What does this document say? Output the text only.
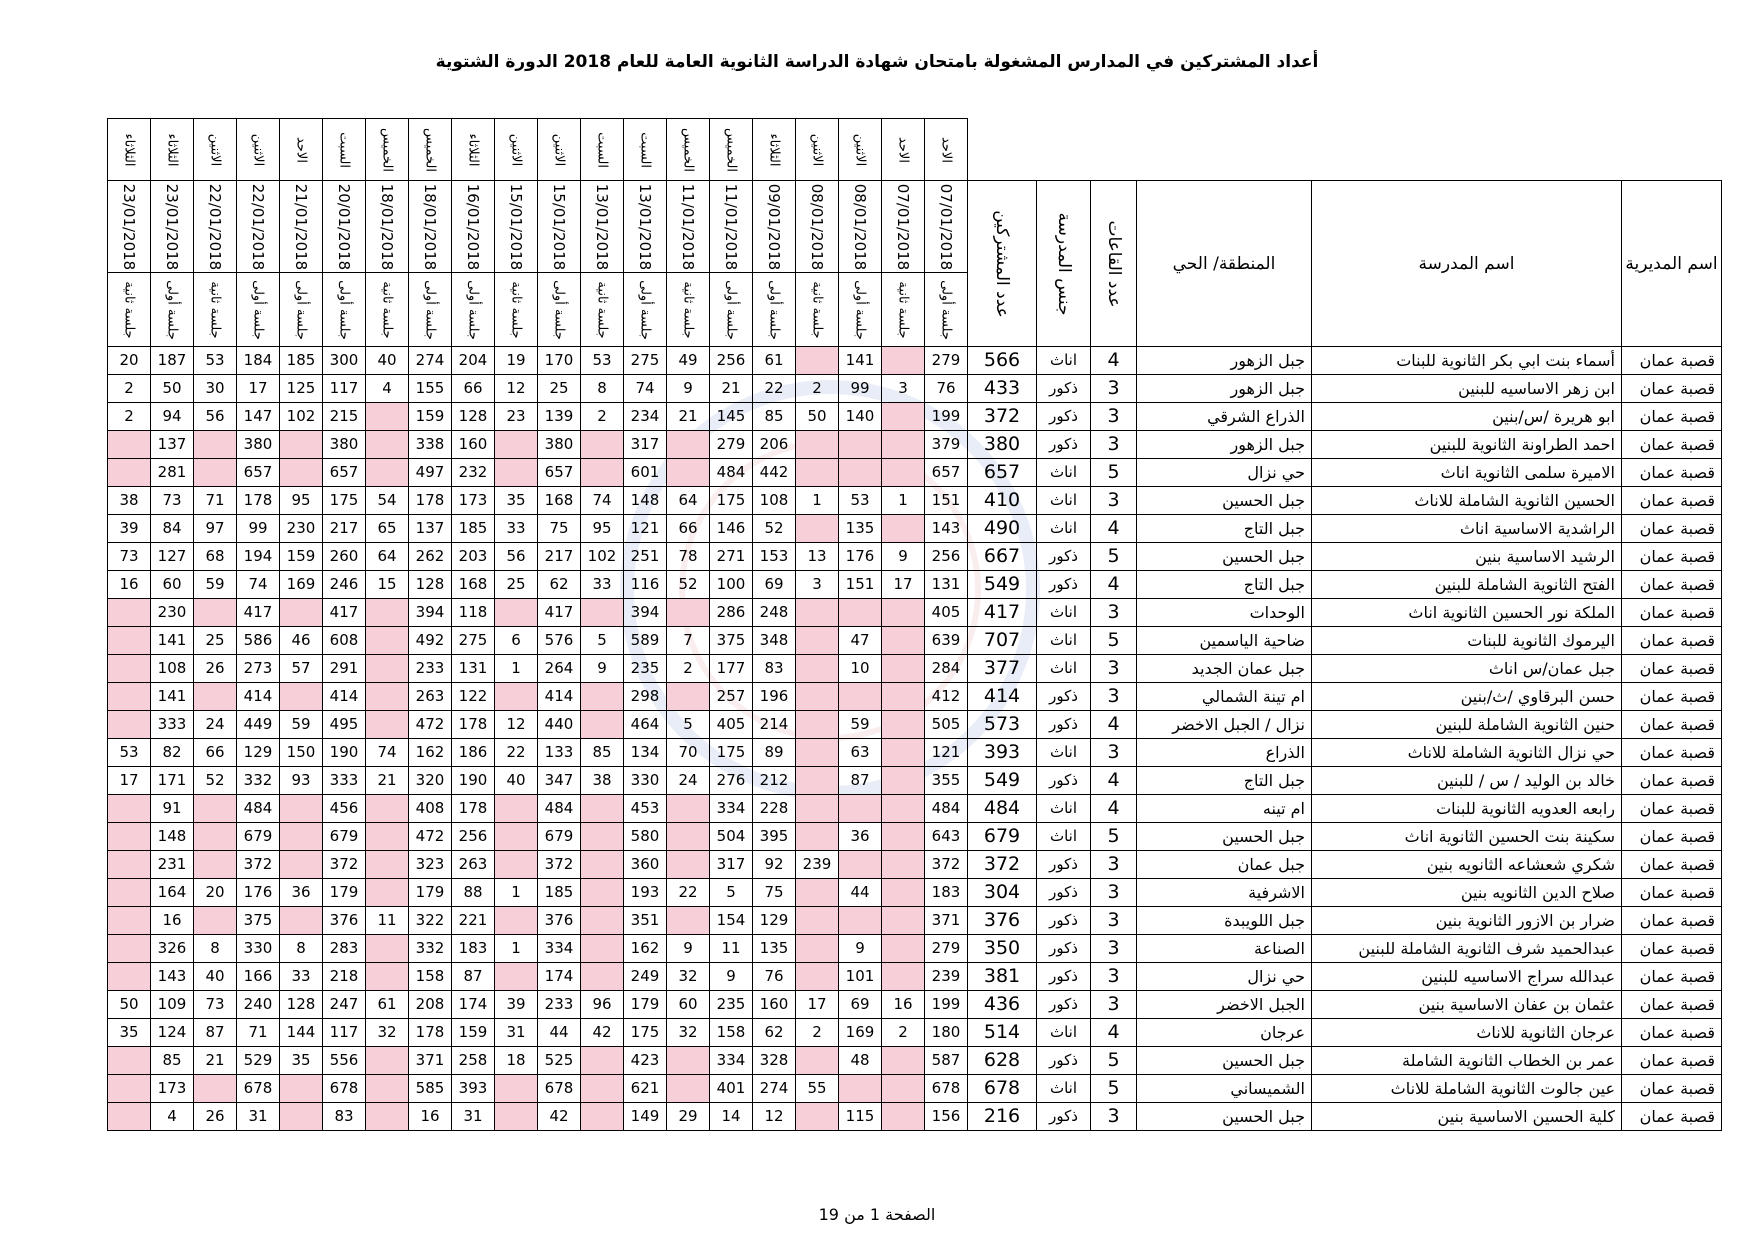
أعداد المشتركين في المدارس المشغولة بامتحان شهادة الدراسة الثانوية العامة للعام 2018 الدورة الشتوية

						الاحد	الاحد	الاثنين	الاثنين	الثلاثاء	الخميس	الخميس	السبت	السبت	الاثنين	الاثنين	الثلاثاء	الخميس	الخميس	السبت	الاحد	الاثنين	الاثنين	الثلاثاء	الثلاثاء

اسم المديرية	اسم المدرسة	المنطقة/ الحي	عدد القاعات	جنس المدرسة	عدد المشتركين	07/01/2018	07/01/2018	08/01/2018	08/01/2018	09/01/2018	11/01/2018	11/01/2018	13/01/2018	13/01/2018	15/01/2018	15/01/2018	16/01/2018	18/01/2018	18/01/2018	20/01/2018	21/01/2018	22/01/2018	22/01/2018	23/01/2018	23/01/2018

						جلسة أولى	جلسة ثانية	جلسة أولى	جلسة ثانية	جلسة أولى	جلسة أولى	جلسة ثانية	جلسة أولى	جلسة ثانية	جلسة أولى	جلسة ثانية	جلسة أولى	جلسة أولى	جلسة ثانية	جلسة أولى	جلسة أولى	جلسة أولى	جلسة ثانية	جلسة أولى	جلسة ثانية

قصبة عمان	أسماء بنت ابي بكر الثانوية للبنات	جبل الزهور	4	اناث	566	279		141		61	256	49	275	53	170	19	204	274	40	300	185	184	53	187	20
قصبة عمان	ابن زهر الاساسيه للبنين	جبل الزهور	3	ذكور	433	76	3	99	2	22	21	9	74	8	25	12	66	155	4	117	125	17	30	50	2
قصبة عمان	ابو هريرة /س/بنين	الذراع الشرقي	3	ذكور	372	199		140	50	85	145	21	234	2	139	23	128	159		215	102	147	56	94	2
قصبة عمان	احمد الطراونة الثانوية للبنين	جبل الزهور	3	ذكور	380	379				206	279		317		380		160	338		380		380		137	
قصبة عمان	الاميرة سلمى الثانوية اناث	حي نزال	5	اناث	657	657				442	484		601		657		232	497		657		657		281	
قصبة عمان	الحسين الثانوية الشاملة للاناث	جبل الحسين	3	اناث	410	151	1	53	1	108	175	64	148	74	168	35	173	178	54	175	95	178	71	73	38
قصبة عمان	الراشدية الاساسية اناث	جبل التاج	4	اناث	490	143		135		52	146	66	121	95	75	33	185	137	65	217	230	99	97	84	39
قصبة عمان	الرشيد الاساسية بنين	جبل الحسين	5	ذكور	667	256	9	176	13	153	271	78	251	102	217	56	203	262	64	260	159	194	68	127	73
قصبة عمان	الفتح الثانوية الشاملة للبنين	جبل التاج	4	ذكور	549	131	17	151	3	69	100	52	116	33	62	25	168	128	15	246	169	74	59	60	16
قصبة عمان	الملكة نور الحسين الثانوية اناث	الوحدات	3	اناث	417	405				248	286		394		417		118	394		417		417		230	
قصبة عمان	اليرموك الثانوية للبنات	ضاحية الياسمين	5	اناث	707	639		47		348	375	7	589	5	576	6	275	492		608	46	586	25	141	
قصبة عمان	جبل عمان/س اناث	جبل عمان الجديد	3	اناث	377	284		10		83	177	2	235	9	264	1	131	233		291	57	273	26	108	
قصبة عمان	حسن البرقاوي /ث/بنين	ام تينة الشمالي	3	ذكور	414	412				196	257		298		414		122	263		414		414		141	
قصبة عمان	حنين الثانوية الشاملة للبنين	نزال / الجبل الاخضر	4	ذكور	573	505		59		214	405	5	464		440	12	178	472		495	59	449	24	333	
قصبة عمان	حي نزال الثانوية الشاملة للاناث	الذراع	3	اناث	393	121		63		89	175	70	134	85	133	22	186	162	74	190	150	129	66	82	53
قصبة عمان	خالد بن الوليد / س / للبنين	جبل التاج	4	ذكور	549	355		87		212	276	24	330	38	347	40	190	320	21	333	93	332	52	171	17
قصبة عمان	رابعه العدويه الثانوية للبنات	ام تينه	4	اناث	484	484				228	334		453		484		178	408		456		484		91	
قصبة عمان	سكينة بنت الحسين الثانوية اناث	جبل الحسين	5	اناث	679	643		36		395	504		580		679		256	472		679		679		148	
قصبة عمان	شكري شعشاعه الثانويه بنين	جبل عمان	3	ذكور	372	372			239	92	317		360		372		263	323		372		372		231	
قصبة عمان	صلاح الدين الثانويه بنين	الاشرفية	3	ذكور	304	183		44		75	5	22	193		185	1	88	179		179	36	176	20	164	
قصبة عمان	ضرار بن الازور الثانوية بنين	جبل اللويبدة	3	ذكور	376	371				129	154		351		376		221	322	11	376		375		16	
قصبة عمان	عبدالحميد شرف الثانوية الشاملة للبنين	الصناعة	3	ذكور	350	279		9		135	11	9	162		334	1	183	332		283	8	330	8	326	
قصبة عمان	عبدالله سراج الاساسيه للبنين	حي نزال	3	ذكور	381	239		101		76	9	32	249		174		87	158		218	33	166	40	143	
قصبة عمان	عثمان بن عفان الاساسية بنين	الجبل الاخضر	3	ذكور	436	199	16	69	17	160	235	60	179	96	233	39	174	208	61	247	128	240	73	109	50
قصبة عمان	عرجان الثانوية للاناث	عرجان	4	اناث	514	180	2	169	2	62	158	32	175	42	44	31	159	178	32	117	144	71	87	124	35
قصبة عمان	عمر بن الخطاب الثانوية الشاملة	جبل الحسين	5	ذكور	628	587		48		328	334		423		525	18	258	371		556	35	529	21	85	
قصبة عمان	عين جالوت الثانوية الشاملة للاناث	الشميساني	5	اناث	678	678			55	274	401		621		678		393	585		678		678		173	
قصبة عمان	كلية الحسين الاساسية بنين	جبل الحسين	3	ذكور	216	156		115		12	14	29	149		42		31	16		83		31	26	4	
الصفحة 1 من 19
